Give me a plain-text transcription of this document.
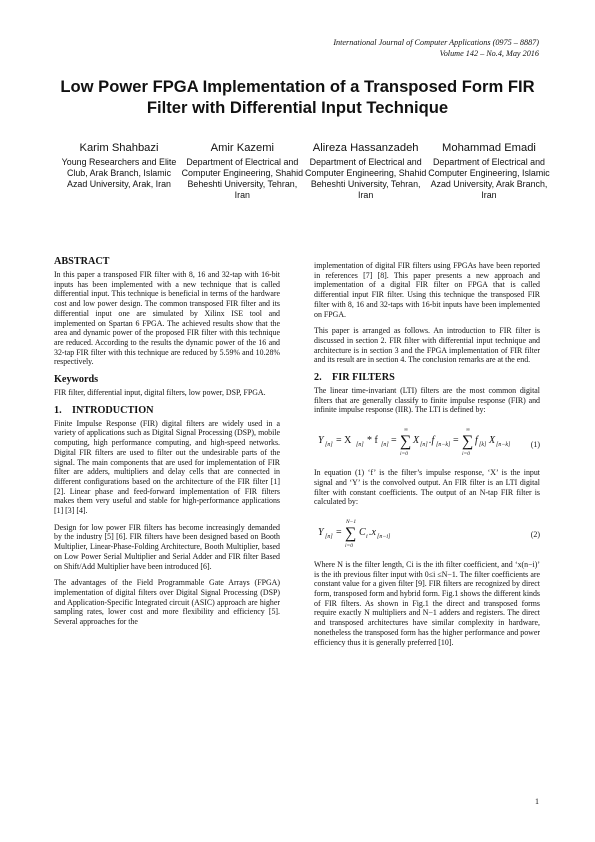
International Journal of Computer Applications (0975 – 8887)
Volume 142 – No.4, May 2016
Low Power FPGA Implementation of a Transposed Form FIR Filter with Differential Input Technique
Karim Shahbazi
Young Researchers and Elite Club, Arak Branch, Islamic Azad University, Arak, Iran
Amir Kazemi
Department of Electrical and Computer Engineering, Shahid Beheshti University, Tehran, Iran
Alireza Hassanzadeh
Department of Electrical and Computer Engineering, Shahid Beheshti University, Tehran, Iran
Mohammad Emadi
Department of Electrical and Computer Engineering, Islamic Azad University, Arak Branch, Iran
ABSTRACT

In this paper a transposed FIR filter with 8, 16 and 32-tap with 16-bit inputs has been implemented with a new technique that is called differential input. This technique is beneficial in terms of the hardware cost and low power design. The common transposed FIR filter and its differential input one are simulated by Xilinx ISE tool and implemented on Spartan 6 FPGA. The achieved results show that the area and dynamic power of the proposed FIR filter with this technique are reduced. According to the results the dynamic power of the 16 and 32-tap FIR filter with this technique are reduced by 5.59% and 10.28% respectively.

Keywords

FIR filter, differential input, digital filters, low power, DSP, FPGA.

1. INTRODUCTION

Finite Impulse Response (FIR) digital filters are widely used in a variety of applications such as Digital Signal Processing (DSP), mobile computing, high performance computing, and high-speed networks. Digital FIR filters are used to filter out the undesirable parts of the signal. The main components that are used for implementation of FIR filter are adders, multipliers and delay cells that are connected in different configurations based on the architecture of the FIR filter [1] [2]. Linear phase and feed-forward implementation of FIR filters makes them very useful and stable for high-performance applications [1] [3] [4].

Design for low power FIR filters has become increasingly demanded by the industry [5] [6]. FIR filters have been designed based on Booth Multiplier, Linear-Phase-Folding Architecture, Booth Multiplier, based on Low Power Serial Multiplier and Serial Adder and FIR filter Based on Shift/Add Multiplier have been introduced [6].

The advantages of the Field Programmable Gate Arrays (FPGA) implementation of digital filters over Digital Signal Processing (DSP) and Application-Specific Integrated circuit (ASIC) approach are higher sampling rates, lower cost and more flexibility and efficiency [5]. Several approaches for the

implementation of digital FIR filters using FPGAs have been reported in references [7] [8]. This paper presents a new approach and implementation of a digital FIR filter on FPGA that is called differential input FIR filter. Using this technique the transposed FIR filter with 8, 16 and 32-taps with 16-bit inputs have been implemented on FPGA.

This paper is arranged as follows. An introduction to FIR filter is discussed in section 2. FIR filter with differential input technique and architecture is in section 3 and the FPGA implementation of FIR filter and its result are in section 4. The conclusion remarks are at the end.

2. FIR FILTERS

The linear time-invariant (LTI) filters are the most common digital filters that are generally classify to finite impulse response (FIR) and infinite impulse response (IIR). The LTI is defined by:

Y [n] = X [n] * f [n] = ∑
∞
i=0
X [n] .f [n−k] = ∑
∞
i=0
f [k] X [n−k]	(1)

In equation (1) ‘f’ is the filter’s impulse response, ‘X’ is the input signal and ‘Y’ is the convolved output. An FIR filter is an LTI digital filter with constant coefficients. The output of an N-tap FIR filter is calculated by:

Y [n] = ∑
N−1
i=0
C i .x [n−i]	(2)

Where N is the filter length, Ci is the ith filter coefficient, and ‘x(n−i)’ is the ith previous filter input with 0≤i ≤N−1. The filter coefficients are constant value for a given filter [9]. FIR filters are recognized by direct form, transposed form and hybrid form. Fig.1 shows the different kinds of FIR filters. As shown in Fig.1 the direct and transposed forms require exactly N multipliers and N−1 adders and registers. The direct and transposed architectures have similar complexity in hardware, nonetheless the transposed form has the higher performance and power efficiency thus it is generally preferred [10].

1
